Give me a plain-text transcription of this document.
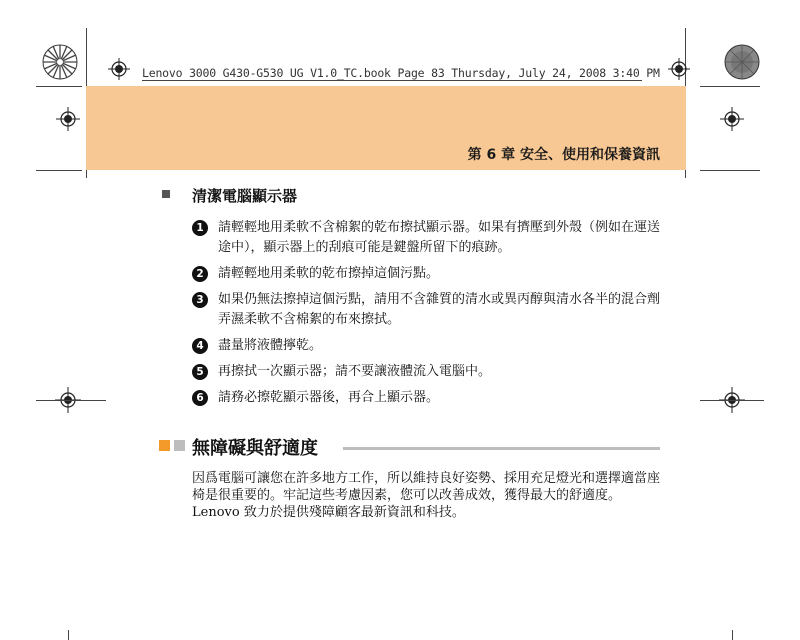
Lenovo 3000 G430-G530 UG V1.0_TC.book Page 83 Thursday, July 24, 2008 3:40 PM
第 6 章 安全、使用和保養資訊
清潔電腦顯示器
1	請輕輕地用柔軟不含棉絮的乾布擦拭顯示器。如果有擠壓到外殼（例如在運送途中），顯示器上的刮痕可能是鍵盤所留下的痕跡。
2	請輕輕地用柔軟的乾布擦掉這個污點。
3	如果仍無法擦掉這個污點，請用不含雜質的清水或異丙醇與清水各半的混合劑弄濕柔軟不含棉絮的布來擦拭。
4	盡量將液體擰乾。
5	再擦拭一次顯示器；請不要讓液體流入電腦中。
6	請務必擦乾顯示器後，再合上顯示器。
無障礙與舒適度

因爲電腦可讓您在許多地方工作，所以維持良好姿勢、採用充足燈光和選擇適當座椅是很重要的。牢記這些考慮因素，您可以改善成效，獲得最大的舒適度。Lenovo 致力於提供殘障顧客最新資訊和科技。
